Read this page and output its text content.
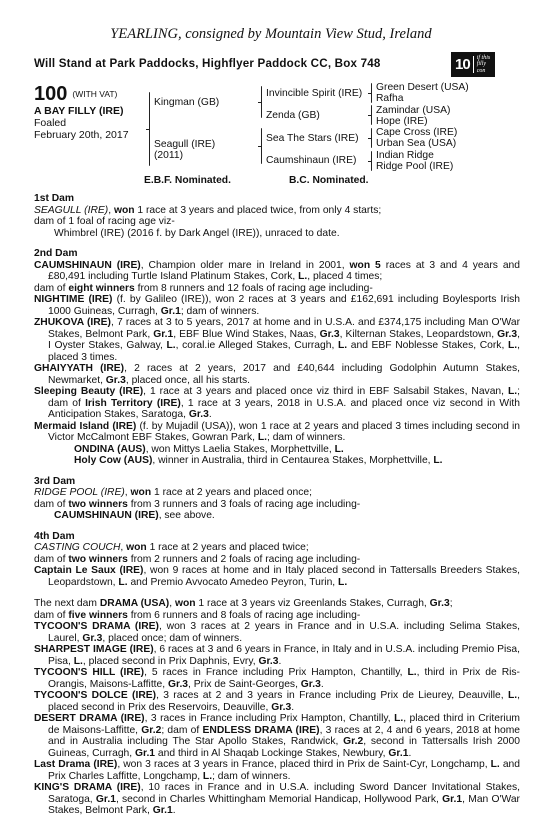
YEARLING, consigned by Mountain View Stud, Ireland
Will Stand at Park Paddocks, Highflyer Paddock CC, Box 748	10	if this
filly
con
100 (WITH VAT)
A BAY FILLY (IRE)
Foaled
February 20th, 2017
Kingman (GB)
Seagull (IRE)
(2011)
Invincible Spirit (IRE)
Zenda (GB)
Sea The Stars (IRE)
Caumshinaun (IRE)
Green Desert (USA)
Rafha
Zamindar (USA)
Hope (IRE)
Cape Cross (IRE)
Urban Sea (USA)
Indian Ridge
Ridge Pool (IRE)
E.B.F. Nominated.	B.C. Nominated.
1st Dam
SEAGULL (IRE), won 1 race at 3 years and placed twice, from only 4 starts;
dam of 1 foal of racing age viz-
Whimbrel (IRE) (2016 f. by Dark Angel (IRE)), unraced to date.
2nd Dam
CAUMSHINAUN (IRE), Champion older mare in Ireland in 2001, won 5 races at 3 and 4 years and £80,491 including Turtle Island Platinum Stakes, Cork, L., placed 4 times;
dam of eight winners from 8 runners and 12 foals of racing age including-
NIGHTIME (IRE) (f. by Galileo (IRE)), won 2 races at 3 years and £162,691 including Boylesports Irish 1000 Guineas, Curragh, Gr.1; dam of winners.
ZHUKOVA (IRE), 7 races at 3 to 5 years, 2017 at home and in U.S.A. and £374,175 including Man O'War Stakes, Belmont Park, Gr.1, EBF Blue Wind Stakes, Naas, Gr.3, Kilternan Stakes, Leopardstown, Gr.3, I Oyster Stakes, Galway, L., coral.ie Alleged Stakes, Curragh, L. and EBF Noblesse Stakes, Cork, L., placed 3 times.
GHAIYYATH (IRE), 2 races at 2 years, 2017 and £40,644 including Godolphin Autumn Stakes, Newmarket, Gr.3, placed once, all his starts.
Sleeping Beauty (IRE), 1 race at 3 years and placed once viz third in EBF Salsabil Stakes, Navan, L.; dam of Irish Territory (IRE), 1 race at 3 years, 2018 in U.S.A. and placed once viz second in With Anticipation Stakes, Saratoga, Gr.3.
Mermaid Island (IRE) (f. by Mujadil (USA)), won 1 race at 2 years and placed 3 times including second in Victor McCalmont EBF Stakes, Gowran Park, L.; dam of winners.
ONDINA (AUS), won Mittys Laelia Stakes, Morphettville, L.
Holy Cow (AUS), winner in Australia, third in Centaurea Stakes, Morphettville, L.
3rd Dam
RIDGE POOL (IRE), won 1 race at 2 years and placed once;
dam of two winners from 3 runners and 3 foals of racing age including-
CAUMSHINAUN (IRE), see above.
4th Dam
CASTING COUCH, won 1 race at 2 years and placed twice;
dam of two winners from 2 runners and 2 foals of racing age including-
Captain Le Saux (IRE), won 9 races at home and in Italy placed second in Tattersalls Breeders Stakes, Leopardstown, L. and Premio Avvocato Amedeo Peyron, Turin, L.
The next dam DRAMA (USA), won 1 race at 3 years viz Greenlands Stakes, Curragh, Gr.3;
dam of five winners from 6 runners and 8 foals of racing age including-
TYCOON'S DRAMA (IRE), won 3 races at 2 years in France and in U.S.A. including Selima Stakes, Laurel, Gr.3, placed once; dam of winners.
SHARPEST IMAGE (IRE), 6 races at 3 and 6 years in France, in Italy and in U.S.A. including Premio Pisa, Pisa, L., placed second in Prix Daphnis, Evry, Gr.3.
TYCOON'S HILL (IRE), 5 races in France including Prix Hampton, Chantilly, L., third in Prix de Ris-Orangis, Maisons-Laffitte, Gr.3, Prix de Saint-Georges, Gr.3.
TYCOON'S DOLCE (IRE), 3 races at 2 and 3 years in France including Prix de Lieurey, Deauville, L., placed second in Prix des Reservoirs, Deauville, Gr.3.
DESERT DRAMA (IRE), 3 races in France including Prix Hampton, Chantilly, L., placed third in Criterium de Maisons-Laffitte, Gr.2; dam of ENDLESS DRAMA (IRE), 3 races at 2, 4 and 6 years, 2018 at home and in Australia including The Star Apollo Stakes, Randwick, Gr.2, second in Tattersalls Irish 2000 Guineas, Curragh, Gr.1 and third in Al Shaqab Lockinge Stakes, Newbury, Gr.1.
Last Drama (IRE), won 3 races at 3 years in France, placed third in Prix de Saint-Cyr, Longchamp, L. and Prix Charles Laffitte, Longchamp, L.; dam of winners.
KING'S DRAMA (IRE), 10 races in France and in U.S.A. including Sword Dancer Invitational Stakes, Saratoga, Gr.1, second in Charles Whittingham Memorial Handicap, Hollywood Park, Gr.1, Man O'War Stakes, Belmont Park, Gr.1.
